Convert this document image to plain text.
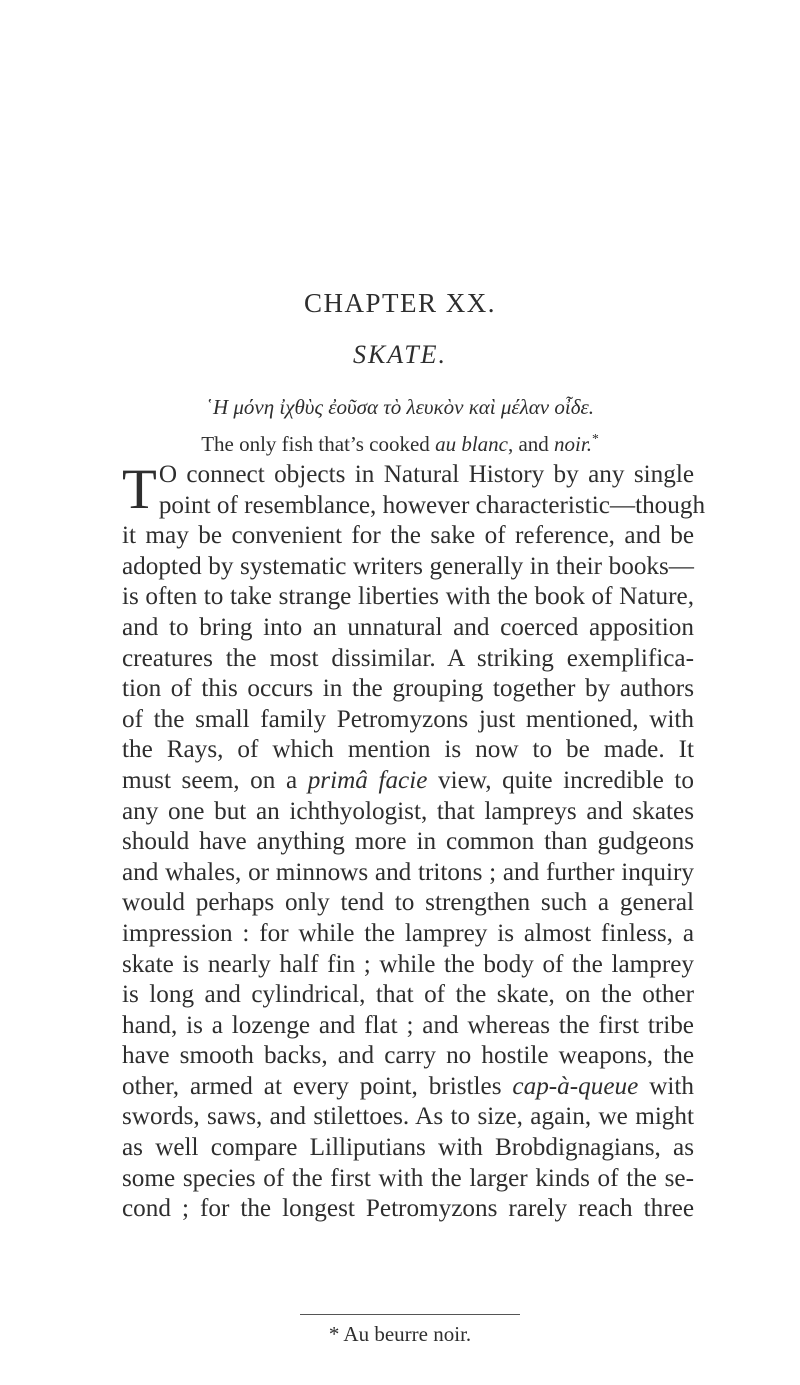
CHAPTER XX.
SKATE.
῾Η μόνη ἰχθὺς ἐοῦσα τὸ λευκὸν καὶ μέλαν οἶδε.
The only fish that’s cooked au blanc, and noir.*
T O connect objects in Natural History by any single
point of resemblance, however characteristic—though
it may be convenient for the sake of reference, and be
adopted by systematic writers generally in their books—
is often to take strange liberties with the book of Nature,
and to bring into an unnatural and coerced apposition
creatures the most dissimilar. A striking exemplifica-
tion of this occurs in the grouping together by authors
of the small family Petromyzons just mentioned, with
the Rays, of which mention is now to be made. It
must seem, on a primâ facie view, quite incredible to
any one but an ichthyologist, that lampreys and skates
should have anything more in common than gudgeons
and whales, or minnows and tritons ; and further inquiry
would perhaps only tend to strengthen such a general
impression : for while the lamprey is almost finless, a
skate is nearly half fin ; while the body of the lamprey
is long and cylindrical, that of the skate, on the other
hand, is a lozenge and flat ; and whereas the first tribe
have smooth backs, and carry no hostile weapons, the
other, armed at every point, bristles cap-à-queue with
swords, saws, and stilettoes. As to size, again, we might
as well compare Lilliputians with Brobdignagians, as
some species of the first with the larger kinds of the se-
cond ; for the longest Petromyzons rarely reach three
* Au beurre noir.
